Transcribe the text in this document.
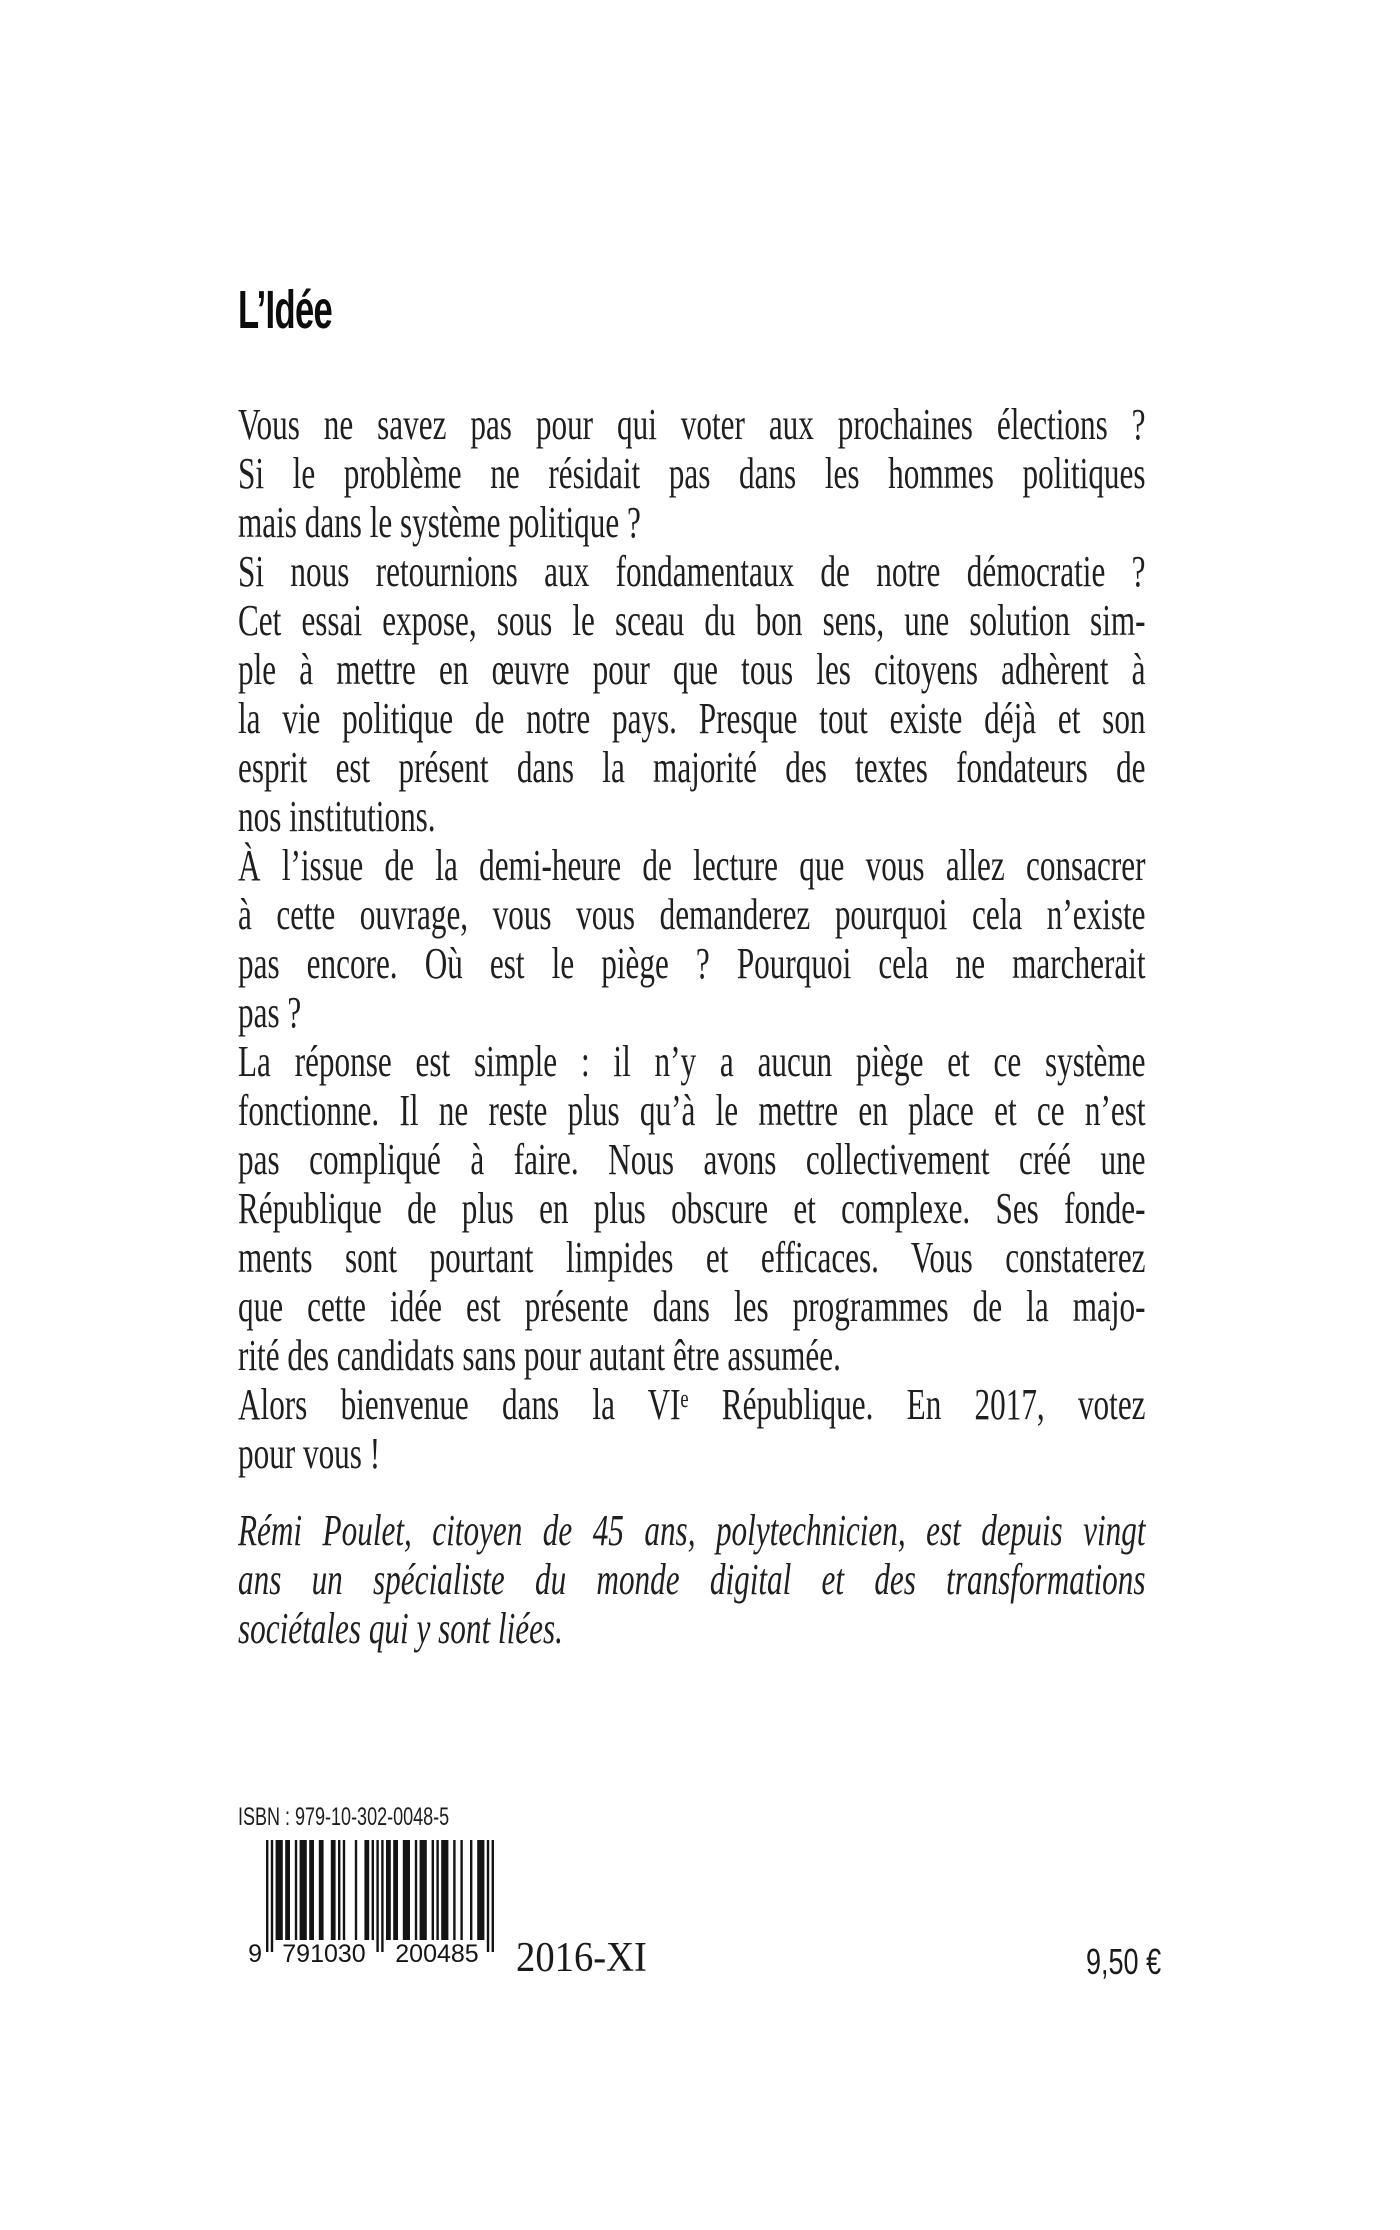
L’Idée
Vous ne savez pas pour qui voter aux prochaines élections ?
Si le problème ne résidait pas dans les hommes politiques
mais dans le système politique ?
Si nous retournions aux fondamentaux de notre démocratie ?
Cet essai expose, sous le sceau du bon sens, une solution sim-
ple à mettre en œuvre pour que tous les citoyens adhèrent à
la vie politique de notre pays. Presque tout existe déjà et son
esprit est présent dans la majorité des textes fondateurs de
nos institutions.
À l’issue de la demi-heure de lecture que vous allez consacrer
à cette ouvrage, vous vous demanderez pourquoi cela n’existe
pas encore. Où est le piège ? Pourquoi cela ne marcherait
pas ?
La réponse est simple : il n’y a aucun piège et ce système
fonctionne. Il ne reste plus qu’à le mettre en place et ce n’est
pas compliqué à faire. Nous avons collectivement créé une
République de plus en plus obscure et complexe. Ses fonde-
ments sont pourtant limpides et efficaces. Vous constaterez
que cette idée est présente dans les programmes de la majo-
rité des candidats sans pour autant être assumée.
Alors bienvenue dans la VIᵉ République. En 2017, votez
pour vous !
Rémi Poulet, citoyen de 45 ans, polytechnicien, est depuis vingt
ans un spécialiste du monde digital et des transformations
sociétales qui y sont liées.
ISBN : 979-10-302-0048-5
9 791030 200485 2016-XI	9,50 €
